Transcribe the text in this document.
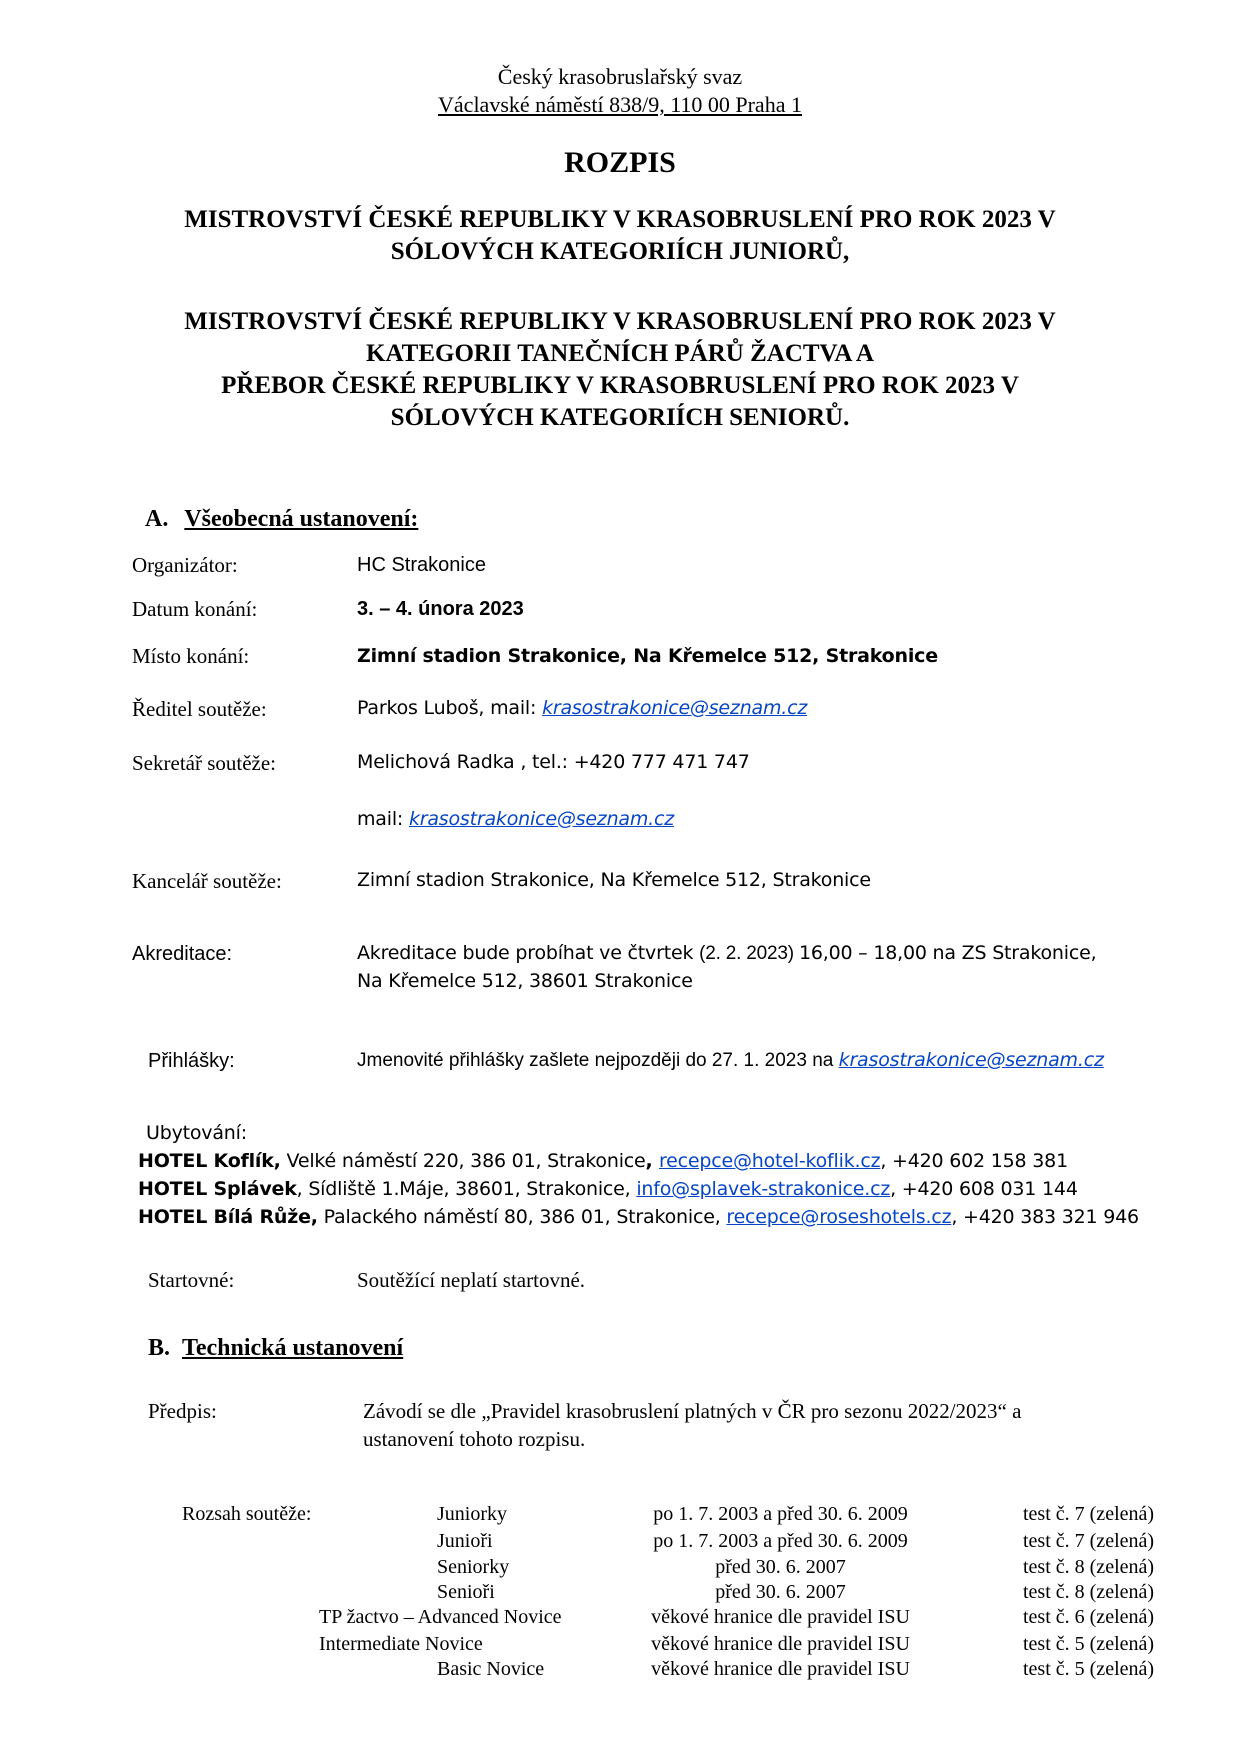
Český krasobruslařský svaz
Václavské náměstí 838/9, 110 00 Praha 1
ROZPIS
MISTROVSTVÍ ČESKÉ REPUBLIKY V KRASOBRUSLENÍ PRO ROK 2023 V
SÓLOVÝCH KATEGORIÍCH JUNIORŮ,
MISTROVSTVÍ ČESKÉ REPUBLIKY V KRASOBRUSLENÍ PRO ROK 2023 V
KATEGORII TANEČNÍCH PÁRŮ ŽACTVA A
PŘEBOR ČESKÉ REPUBLIKY V KRASOBRUSLENÍ PRO ROK 2023 V
SÓLOVÝCH KATEGORIÍCH SENIORŮ.
A. Všeobecná ustanovení:
Organizátor:	HC Strakonice
Datum konání:	3. – 4. února 2023
Místo konání:	Zimní stadion Strakonice, Na Křemelce 512, Strakonice
Ředitel soutěže:	Parkos Luboš, mail: krasostrakonice@seznam.cz
Sekretář soutěže:	Melichová Radka , tel.: +420 777 471 747
mail: krasostrakonice@seznam.cz
Kancelář soutěže:	Zimní stadion Strakonice, Na Křemelce 512, Strakonice
Akreditace:	Akreditace bude probíhat ve čtvrtek (2. 2. 2023) 16,00 – 18,00 na ZS Strakonice,
Na Křemelce 512, 38601 Strakonice
Přihlášky:	Jmenovité přihlášky zašlete nejpozději do 27. 1. 2023 na krasostrakonice@seznam.cz
Ubytování:
HOTEL Koflík, Velké náměstí 220, 386 01, Strakonice, recepce@hotel-koflik.cz, +420 602 158 381
HOTEL Splávek, Sídliště 1.Máje, 38601, Strakonice, info@splavek-strakonice.cz, +420 608 031 144
HOTEL Bílá Růže, Palackého náměstí 80, 386 01, Strakonice, recepce@roseshotels.cz, +420 383 321 946
Startovné:	Soutěžící neplatí startovné.
B. Technická ustanovení
Předpis:	Závodí se dle „Pravidel krasobruslení platných v ČR pro sezonu 2022/2023“ a
ustanovení tohoto rozpisu.
Rozsah soutěže:	Juniorky	po 1. 7. 2003 a před 30. 6. 2009	test č. 7 (zelená)
Junioři	po 1. 7. 2003 a před 30. 6. 2009	test č. 7 (zelená)
Seniorky	před 30. 6. 2007	test č. 8 (zelená)
Senioři	před 30. 6. 2007	test č. 8 (zelená)
TP žactvo – Advanced Novice	věkové hranice dle pravidel ISU	test č. 6 (zelená)
Intermediate Novice	věkové hranice dle pravidel ISU	test č. 5 (zelená)
Basic Novice	věkové hranice dle pravidel ISU	test č. 5 (zelená)
